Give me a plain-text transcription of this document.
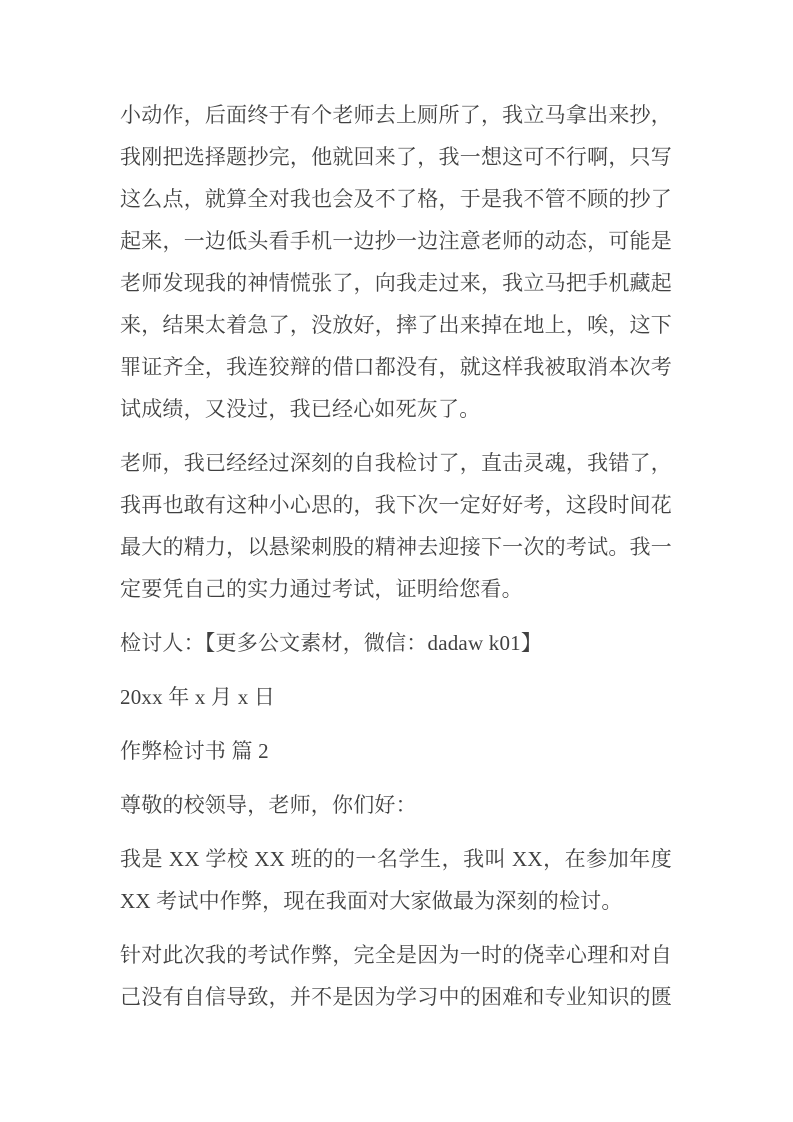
小动作，后面终于有个老师去上厕所了，我立马拿出来抄，我刚把选择题抄完，他就回来了，我一想这可不行啊，只写这么点，就算全对我也会及不了格，于是我不管不顾的抄了起来，一边低头看手机一边抄一边注意老师的动态，可能是老师发现我的神情慌张了，向我走过来，我立马把手机藏起来，结果太着急了，没放好，摔了出来掉在地上，唉，这下罪证齐全，我连狡辩的借口都没有，就这样我被取消本次考试成绩，又没过，我已经心如死灰了。

老师，我已经经过深刻的自我检讨了，直击灵魂，我错了，我再也敢有这种小心思的，我下次一定好好考，这段时间花最大的精力，以悬梁刺股的精神去迎接下一次的考试。我一定要凭自己的实力通过考试，证明给您看。

检讨人：【更多公文素材，微信：dadaw k01】

20xx 年 x 月 x 日

作弊检讨书 篇 2

尊敬的校领导，老师，你们好：

我是 XX 学校 XX 班的的一名学生，我叫 XX，在参加年度 XX 考试中作弊，现在我面对大家做最为深刻的检讨。

针对此次我的考试作弊，完全是因为一时的侥幸心理和对自己没有自信导致，并不是因为学习中的困难和专业知识的匮
